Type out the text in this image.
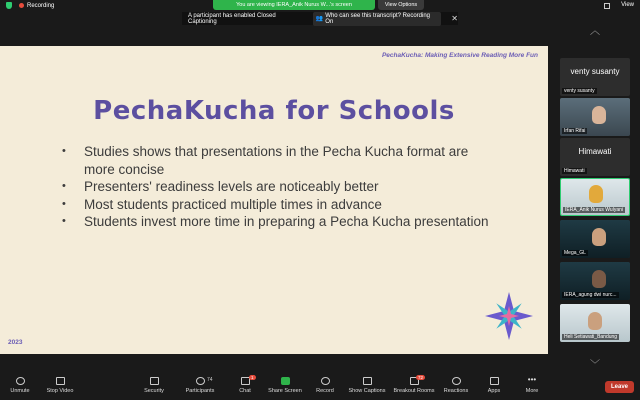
Recording	You are viewing IERA_Anik Nurus W...'s screen	View Options	View
A participant has enabled Closed Captioning	👥
Who can see this transcript? Recording On	✕
PechaKucha: Making Extensive Reading More Fun
PechaKucha for Schools
• Studies shows that presentations in the Pecha Kucha format are more concise
• Presenters' readiness levels are noticeably better
• Most students practiced multiple times in advance
• Students invest more time in preparing a Pecha Kucha presentation
2023
︿
venty susanty
venty susanty
Irfan Rifai
Himawati
Himawati
IERA_Anik Nurus Wulyani
Mega_GL
IERA_agung dwi nurc...
Heli Setiawati_Bandung
﹀
Unmute	Stop Video	Security
74
Participants
1
Chat	Share Screen	Record	Show Captions
72
Breakout Rooms	Reactions	Apps
•••
More
Leave
